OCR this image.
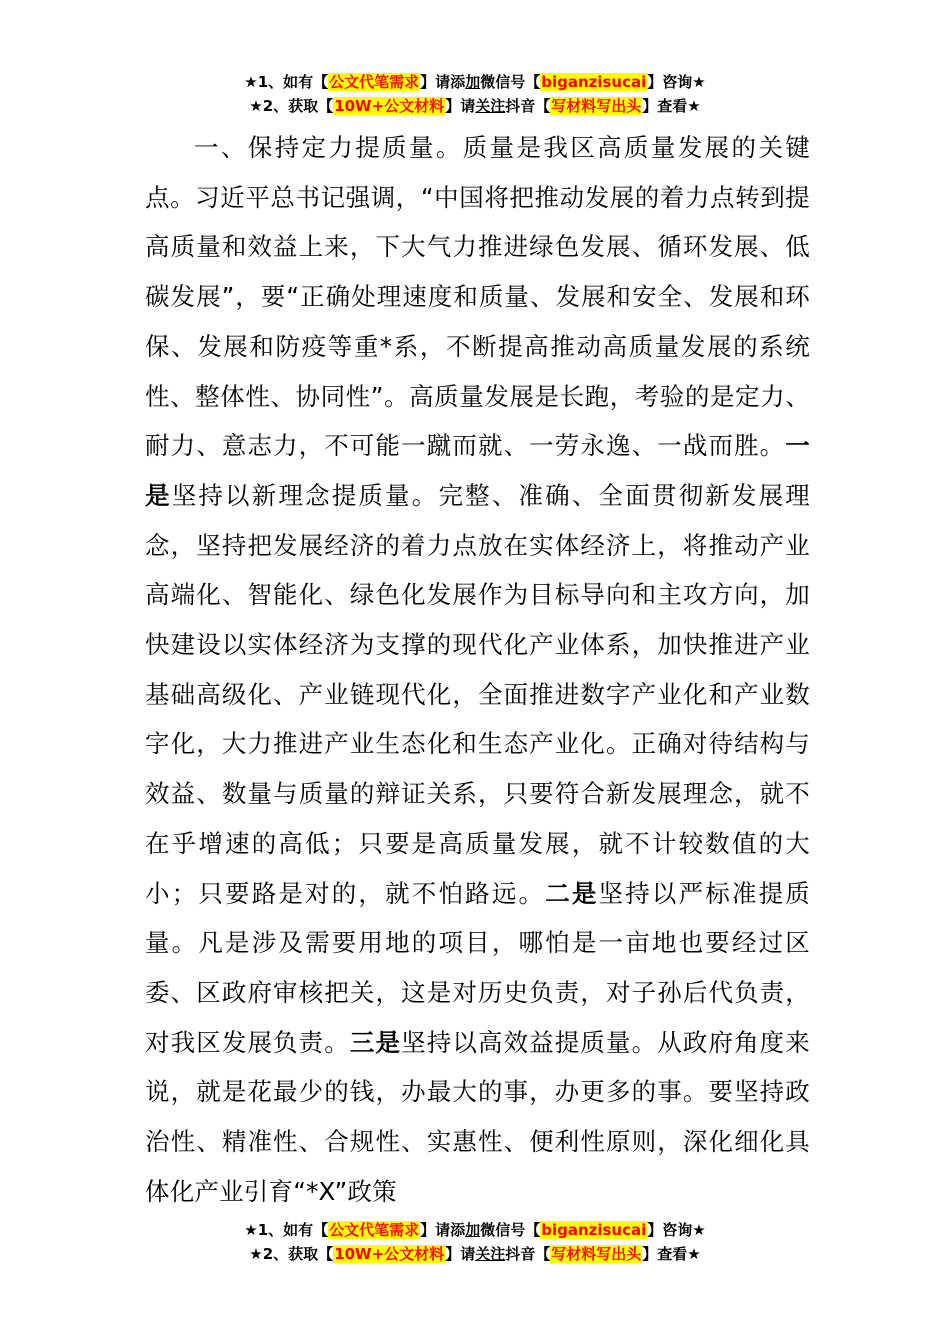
★1、如有【公文代笔需求】请添加微信号【biganzisucai】咨询★
★2、获取【10W+公文材料】请关注抖音【写材料写出头】查看★
一、保持定力提质量。质量是我区高质量发展的关键点。习近平总书记强调，“中国将把推动发展的着力点转到提高质量和效益上来，下大气力推进绿色发展、循环发展、低碳发展”，要“正确处理速度和质量、发展和安全、发展和环保、发展和防疫等重*系，不断提高推动高质量发展的系统性、整体性、协同性”。高质量发展是长跑，考验的是定力、耐力、意志力，不可能一蹴而就、一劳永逸、一战而胜。一是坚持以新理念提质量。完整、准确、全面贯彻新发展理念，坚持把发展经济的着力点放在实体经济上，将推动产业高端化、智能化、绿色化发展作为目标导向和主攻方向，加快建设以实体经济为支撑的现代化产业体系，加快推进产业基础高级化、产业链现代化，全面推进数字产业化和产业数字化，大力推进产业生态化和生态产业化。正确对待结构与效益、数量与质量的辩证关系，只要符合新发展理念，就不在乎增速的高低；只要是高质量发展，就不计较数值的大小；只要路是对的，就不怕路远。二是坚持以严标准提质量。凡是涉及需要用地的项目，哪怕是一亩地也要经过区委、区政府审核把关，这是对历史负责，对子孙后代负责，对我区发展负责。三是坚持以高效益提质量。从政府角度来说，就是花最少的钱，办最大的事，办更多的事。要坚持政治性、精准性、合规性、实惠性、便利性原则，深化细化具体化产业引育“*X”政策
★1、如有【公文代笔需求】请添加微信号【biganzisucai】咨询★
★2、获取【10W+公文材料】请关注抖音【写材料写出头】查看★
